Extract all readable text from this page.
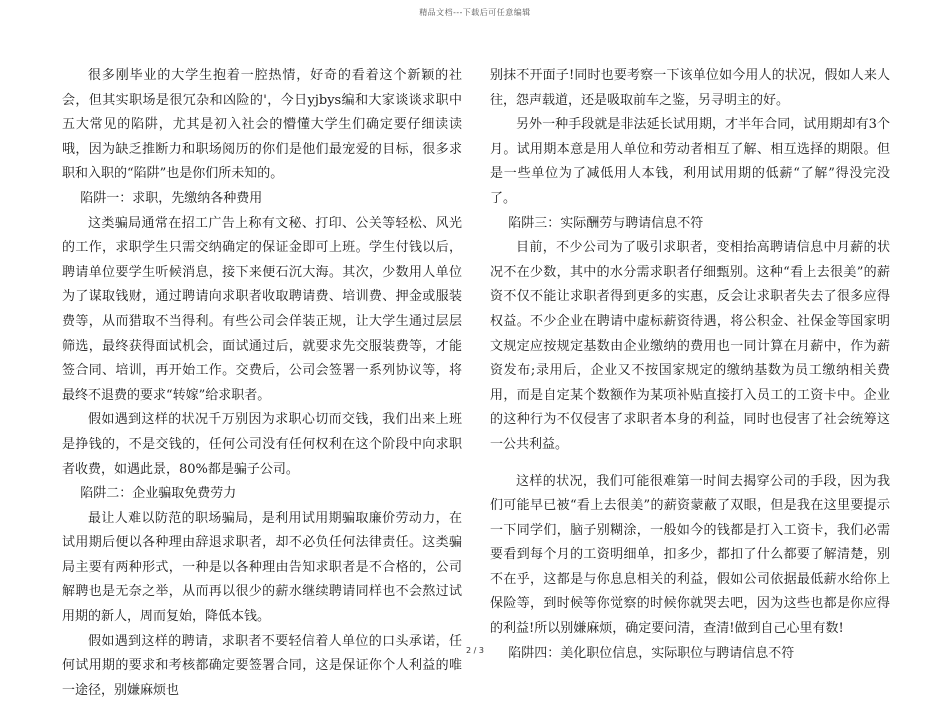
精品文档---下载后可任意编辑

很多刚毕业的大学生抱着一腔热情，好奇的看着这个新颖的社会，但其实职场是很冗杂和凶险的'，今日yjbys编和大家谈谈求职中五大常见的陷阱，尤其是初入社会的懵懂大学生们确定要仔细读读哦，因为缺乏推断力和职场阅历的你们是他们最宠爱的目标，很多求职和入职的“陷阱”也是你们所未知的。

陷阱一：求职，先缴纳各种费用

这类骗局通常在招工广告上称有文秘、打印、公关等轻松、风光的工作，求职学生只需交纳确定的保证金即可上班。学生付钱以后，聘请单位要学生听候消息，接下来便石沉大海。其次，少数用人单位为了谋取钱财，通过聘请向求职者收取聘请费、培训费、押金或服装费等，从而猎取不当得利。有些公司会佯装正规，让大学生通过层层筛选，最终获得面试机会，面试通过后，就要求先交服装费等，才能签合同、培训，再开始工作。交费后，公司会签署一系列协议等，将最终不退费的要求“转嫁”给求职者。

假如遇到这样的状况千万别因为求职心切而交钱，我们出来上班是挣钱的，不是交钱的，任何公司没有任何权利在这个阶段中向求职者收费，如遇此景，80%都是骗子公司。

陷阱二：企业骗取免费劳力

最让人难以防范的职场骗局，是利用试用期骗取廉价劳动力，在试用期后便以各种理由辞退求职者，却不必负任何法律责任。这类骗局主要有两种形式，一种是以各种理由告知求职者是不合格的，公司解聘也是无奈之举，从而再以很少的薪水继续聘请同样也不会熬过试用期的新人，周而复始，降低本钱。

假如遇到这样的聘请，求职者不要轻信着人单位的口头承诺，任何试用期的要求和考核都确定要签署合同，这是保证你个人利益的唯一途径，别嫌麻烦也

别抹不开面子!同时也要考察一下该单位如今用人的状况，假如人来人往，怨声载道，还是吸取前车之鉴，另寻明主的好。

另外一种手段就是非法延长试用期，才半年合同，试用期却有3个月。试用期本意是用人单位和劳动者相互了解、相互选择的期限。但是一些单位为了减低用人本钱，利用试用期的低薪“了解”得没完没了。

陷阱三：实际酬劳与聘请信息不符

目前，不少公司为了吸引求职者，变相抬高聘请信息中月薪的状况不在少数，其中的水分需求职者仔细甄别。这种“看上去很美”的薪资不仅不能让求职者得到更多的实惠，反会让求职者失去了很多应得权益。不少企业在聘请中虚标薪资待遇，将公积金、社保金等国家明文规定应按规定基数由企业缴纳的费用也一同计算在月薪中，作为薪资发布;录用后，企业又不按国家规定的缴纳基数为员工缴纳相关费用，而是自定某个数额作为某项补贴直接打入员工的工资卡中。企业的这种行为不仅侵害了求职者本身的利益，同时也侵害了社会统筹这一公共利益。

这样的状况，我们可能很难第一时间去揭穿公司的手段，因为我们可能早已被“看上去很美”的薪资蒙蔽了双眼，但是我在这里要提示一下同学们，脑子别糊涂，一般如今的钱都是打入工资卡，我们必需要看到每个月的工资明细单，扣多少，都扣了什么都要了解清楚，别不在乎，这都是与你息息相关的利益，假如公司依据最低薪水给你上保险等，到时候等你觉察的时候你就哭去吧，因为这些也都是你应得的利益!所以别嫌麻烦，确定要问清，查清!做到自己心里有数!

陷阱四：美化职位信息，实际职位与聘请信息不符

2 / 3
